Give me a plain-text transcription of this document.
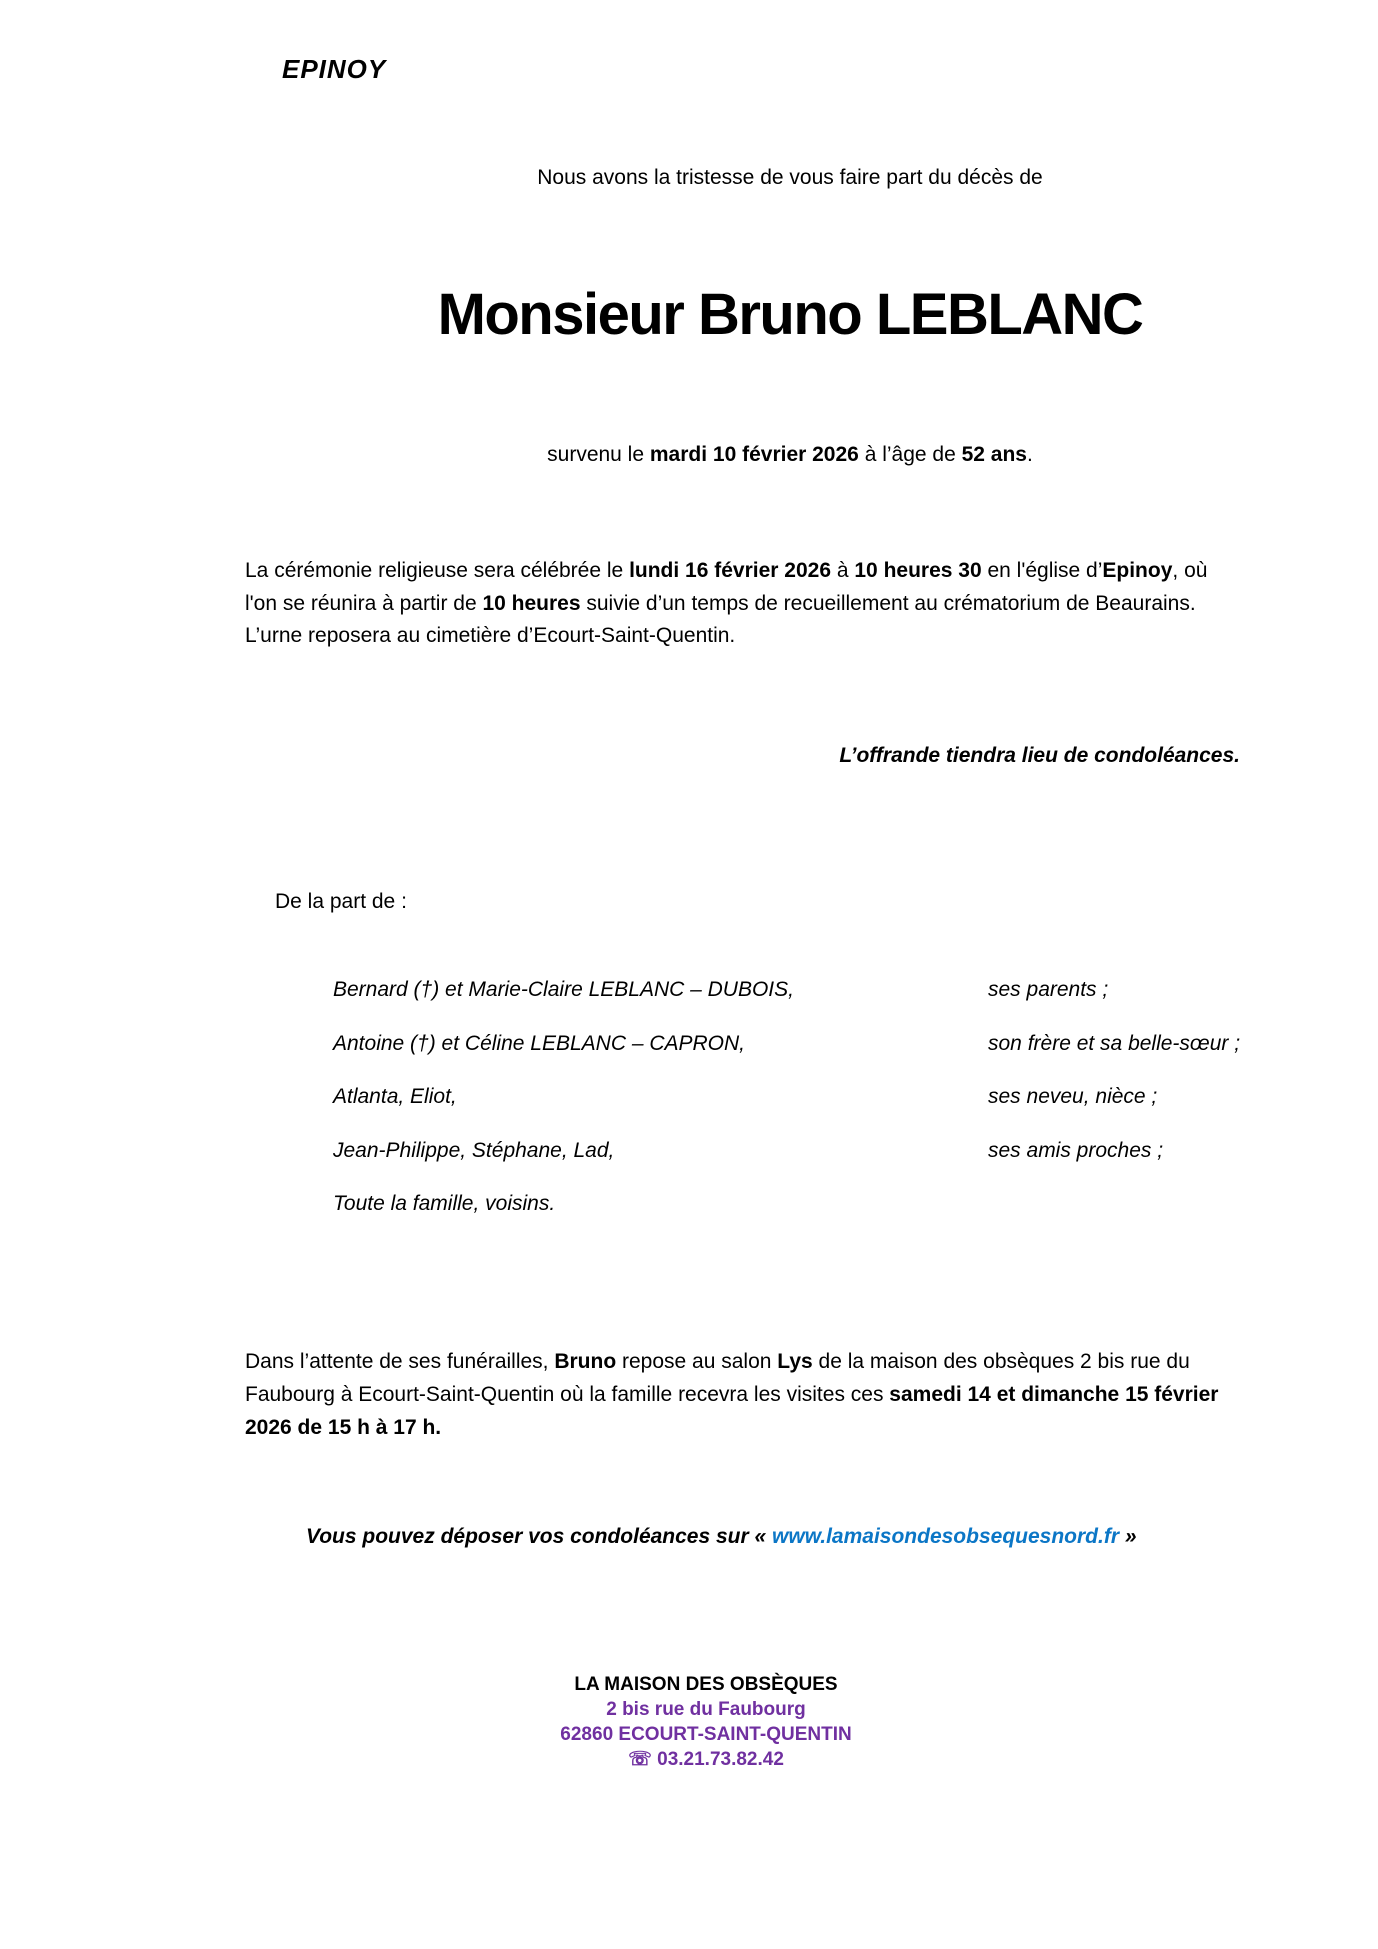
EPINOY
Nous avons la tristesse de vous faire part du décès de
Monsieur Bruno LEBLANC
survenu le mardi 10 février 2026 à l’âge de 52 ans.
La cérémonie religieuse sera célébrée le lundi 16 février 2026 à 10 heures 30 en l'église d’Epinoy, où l'on se réunira à partir de 10 heures suivie d’un temps de recueillement au crématorium de Beaurains.
L’urne reposera au cimetière d’Ecourt-Saint-Quentin.
L’offrande tiendra lieu de condoléances.
De la part de :
Bernard (†) et Marie-Claire LEBLANC – DUBOIS,	ses parents ;
Antoine (†) et Céline LEBLANC – CAPRON,	son frère et sa belle-sœur ;
Atlanta, Eliot,	ses neveu, nièce ;
Jean-Philippe, Stéphane, Lad,	ses amis proches ;
Toute la famille, voisins.
Dans l’attente de ses funérailles, Bruno repose au salon Lys de la maison des obsèques 2 bis rue du Faubourg à Ecourt-Saint-Quentin où la famille recevra les visites ces samedi 14 et dimanche 15 février 2026 de 15 h à 17 h.
Vous pouvez déposer vos condoléances sur « www.lamaisondesobsequesnord.fr »
LA MAISON DES OBSÈQUES
2 bis rue du Faubourg
62860 ECOURT-SAINT-QUENTIN
☏ 03.21.73.82.42
